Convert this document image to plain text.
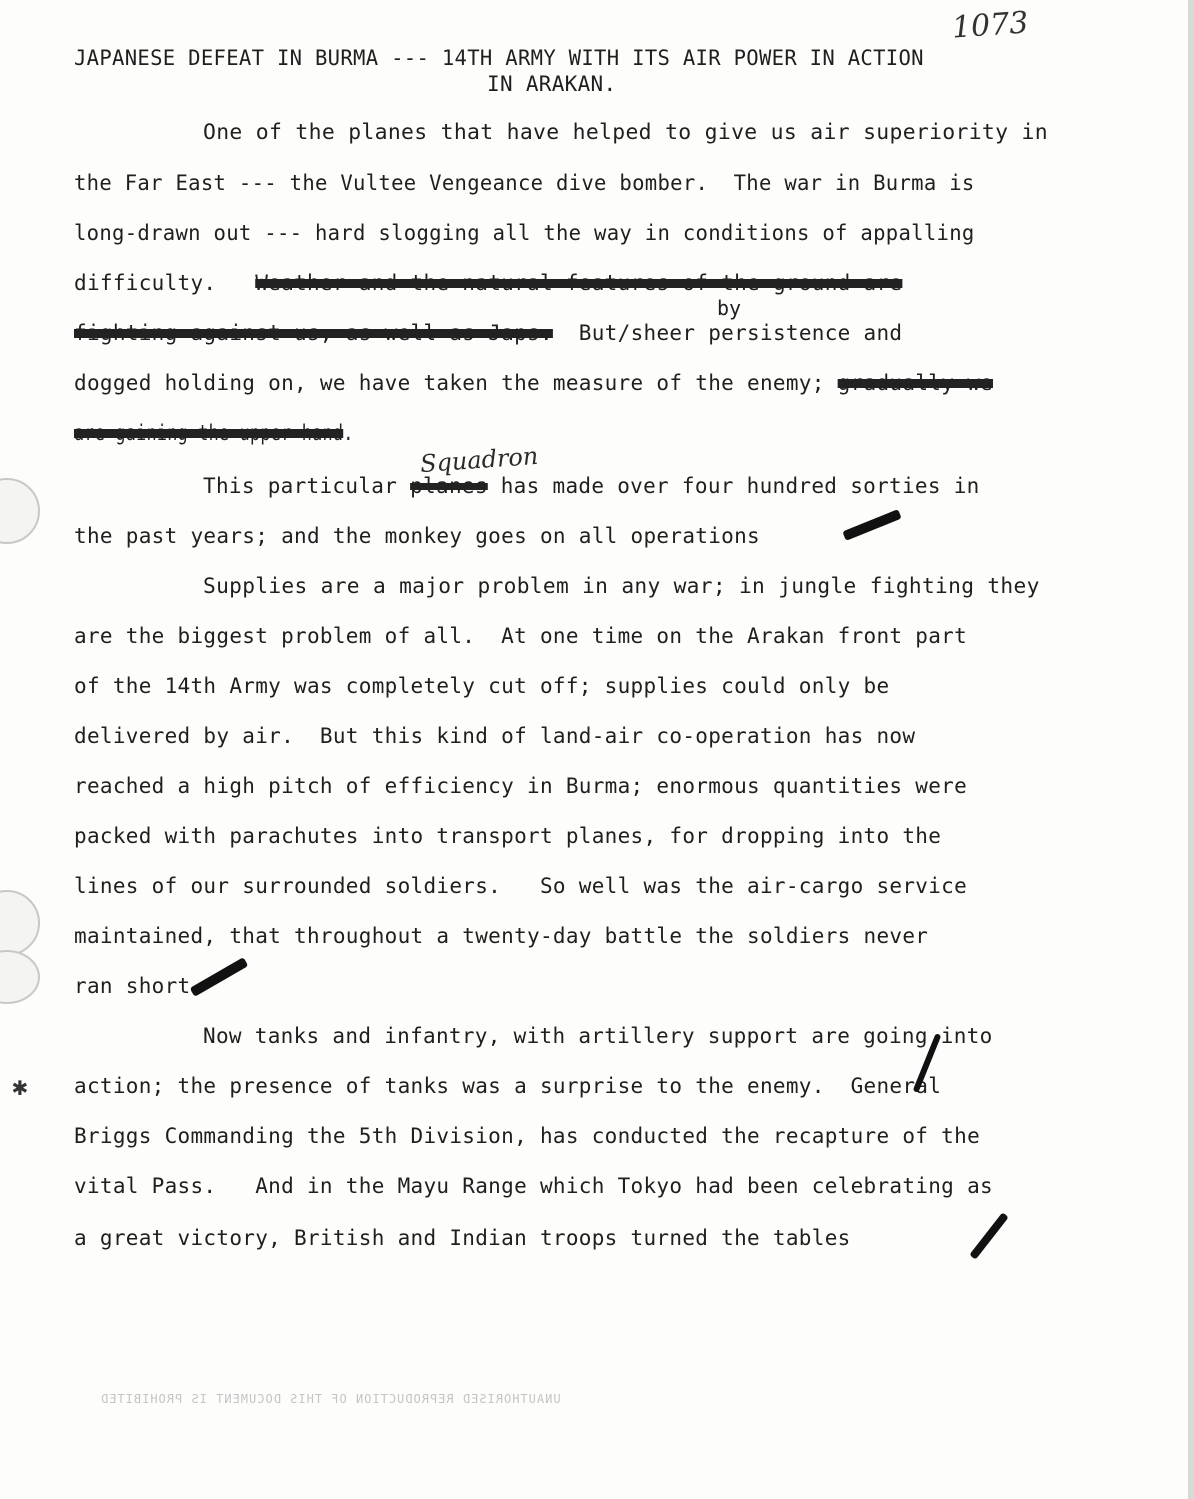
1073
JAPANESE DEFEAT IN BURMA --- 14TH ARMY WITH ITS AIR POWER IN ACTION
IN ARAKAN.
One of the planes that have helped to give us air superiority in
the Far East --- the Vultee Vengeance dive bomber.  The war in Burma is
long-drawn out --- hard slogging all the way in conditions of appalling
difficulty. Weather and the natural features of the ground are
by
fighting against us, as well as Japs. But/sheer persistence and
dogged holding on, we have taken the measure of the enemy; gradually we
are gaining the upper hand.
Squadron
This particular planes has made over four hundred sorties in
the past years; and the monkey goes on all operations
Supplies are a major problem in any war; in jungle fighting they
are the biggest problem of all.  At one time on the Arakan front part
of the 14th Army was completely cut off; supplies could only be
delivered by air.  But this kind of land-air co-operation has now
reached a high pitch of efficiency in Burma; enormous quantities were
packed with parachutes into transport planes, for dropping into the
lines of our surrounded soldiers.   So well was the air-cargo service
maintained, that throughout a twenty-day battle the soldiers never
ran short
Now tanks and infantry, with artillery support are going into
action; the presence of tanks was a surprise to the enemy.  General
Briggs Commanding the 5th Division, has conducted the recapture of the
vital Pass.   And in the Mayu Range which Tokyo had been celebrating as
a great victory, British and Indian troops turned the tables
✱
UNAUTHORISED REPRODUCTION OF THIS DOCUMENT IS PROHIBITED
